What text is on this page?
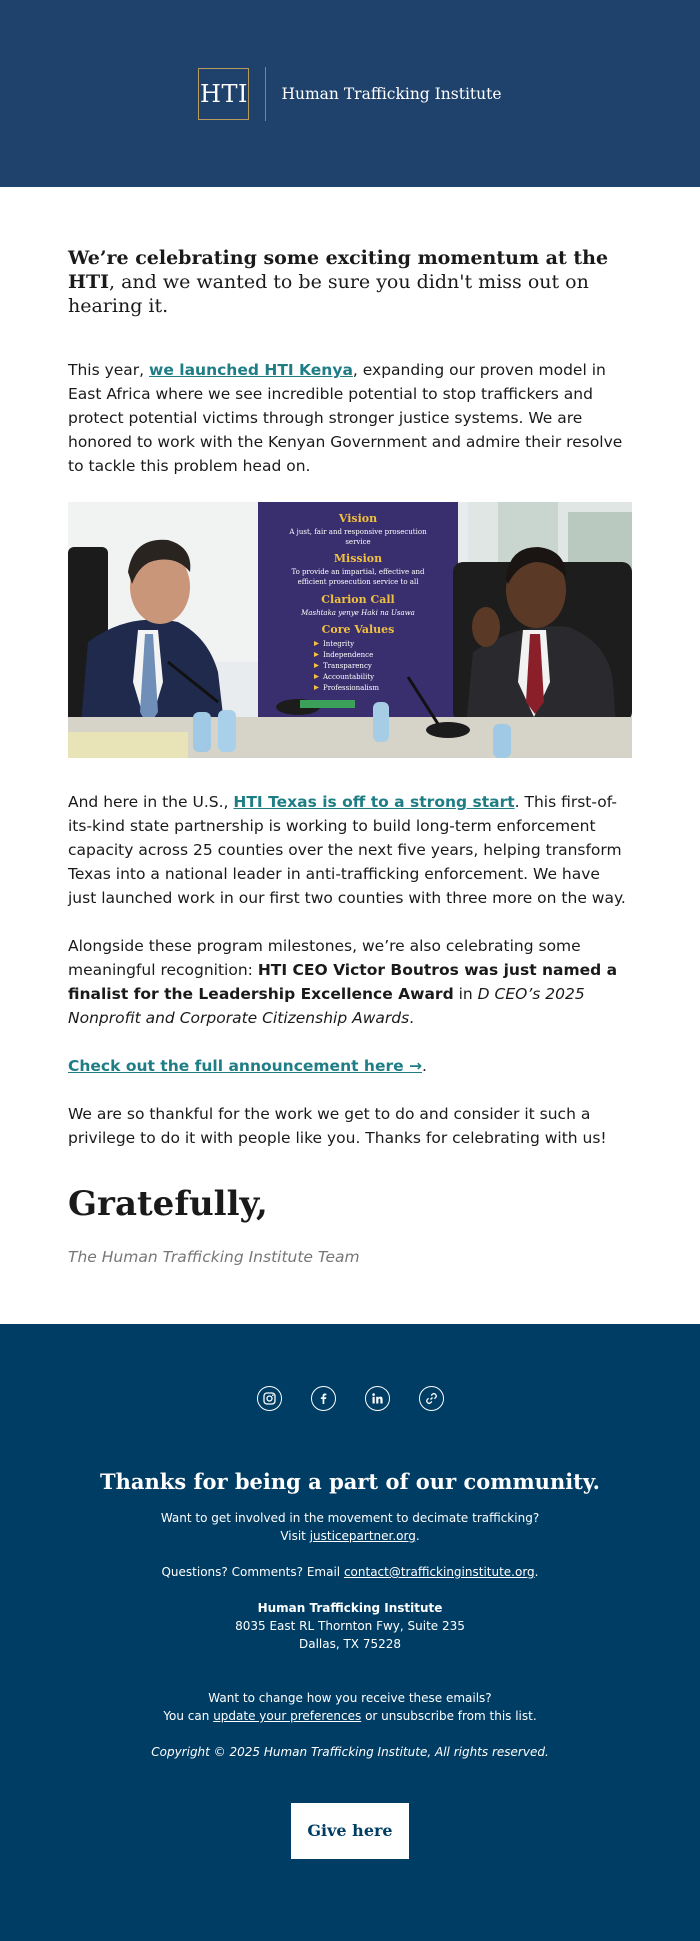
HTI Human Trafficking Institute

We’re celebrating some exciting momentum at the HTI, and we wanted to be sure you didn't miss out on hearing it.

This year, we launched HTI Kenya, expanding our proven model in East Africa where we see incredible potential to stop traffickers and protect potential victims through stronger justice systems. We are honored to work with the Kenyan Government and admire their resolve to tackle this problem head on.

Vision
A just, fair and responsive prosecution
service
Mission
To provide an impartial, effective and
efficient prosecution service to all
Clarion Call
Mashtaka yenye Haki na Usawa
Core Values
Integrity
Independence
Transparency
Accountability
Professionalism

And here in the U.S., HTI Texas is off to a strong start. This first-of-its-kind state partnership is working to build long-term enforcement capacity across 25 counties over the next five years, helping transform Texas into a national leader in anti-trafficking enforcement. We have just launched work in our first two counties with three more on the way.

Alongside these program milestones, we’re also celebrating some meaningful recognition: HTI CEO Victor Boutros was just named a finalist for the Leadership Excellence Award in D CEO’s 2025 Nonprofit and Corporate Citizenship Awards.

Check out the full announcement here →.

We are so thankful for the work we get to do and consider it such a privilege to do it with people like you. Thanks for celebrating with us!

Gratefully,

The Human Trafficking Institute Team

Thanks for being a part of our community.

Want to get involved in the movement to decimate trafficking?

Visit justicepartner.org.

Questions? Comments? Email contact@traffickinginstitute.org.

Human Trafficking Institute

8035 East RL Thornton Fwy, Suite 235

Dallas, TX 75228

Want to change how you receive these emails?

You can update your preferences or unsubscribe from this list.

Copyright © 2025 Human Trafficking Institute, All rights reserved.

Give here
